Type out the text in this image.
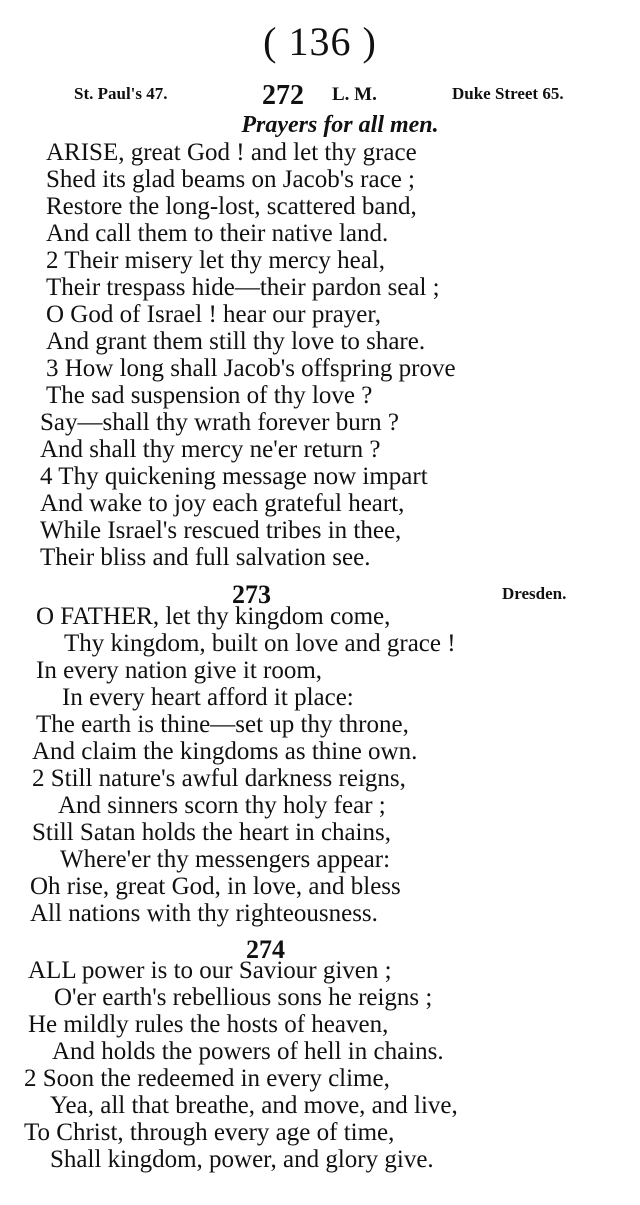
( 136 )
St. Paul's 47.	272 L. M.	Duke Street 65.
Prayers for all men.
ARISE, great God ! and let thy grace
Shed its glad beams on Jacob's race ;
Restore the long-lost, scattered band,
And call them to their native land.
2 Their misery let thy mercy heal,
Their trespass hide—their pardon seal ;
O God of Israel ! hear our prayer,
And grant them still thy love to share.
3 How long shall Jacob's offspring prove
The sad suspension of thy love ?
Say—shall thy wrath forever burn ?
And shall thy mercy ne'er return ?
4 Thy quickening message now impart
And wake to joy each grateful heart,
While Israel's rescued tribes in thee,
Their bliss and full salvation see.
273	Dresden.
O FATHER, let thy kingdom come,
Thy kingdom, built on love and grace !
In every nation give it room,
In every heart afford it place:
The earth is thine—set up thy throne,
And claim the kingdoms as thine own.
2 Still nature's awful darkness reigns,
And sinners scorn thy holy fear ;
Still Satan holds the heart in chains,
Where'er thy messengers appear:
Oh rise, great God, in love, and bless
All nations with thy righteousness.
274
ALL power is to our Saviour given ;
O'er earth's rebellious sons he reigns ;
He mildly rules the hosts of heaven,
And holds the powers of hell in chains.
2 Soon the redeemed in every clime,
Yea, all that breathe, and move, and live,
To Christ, through every age of time,
Shall kingdom, power, and glory give.
